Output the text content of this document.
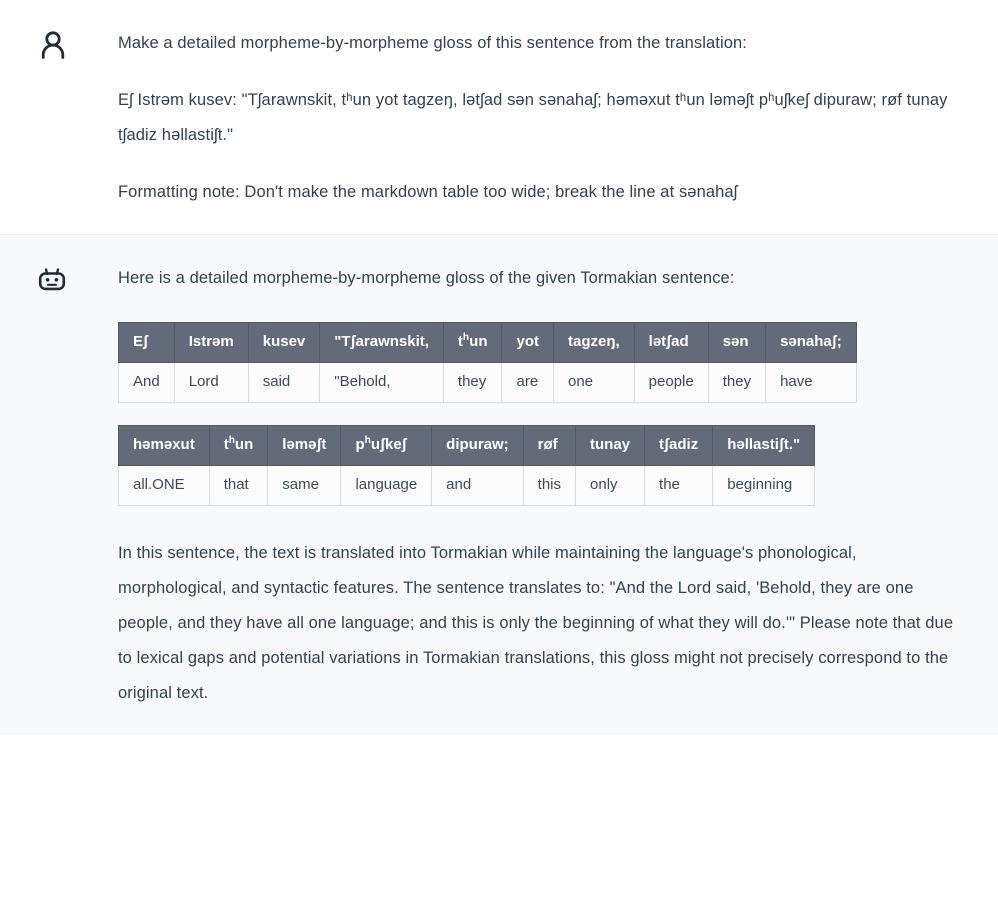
Make a detailed morpheme-by-morpheme gloss of this sentence from the translation:

Eʃ Istrəm kusev: "Tʃarawnskit, tʰun yot tagzeŋ, lətʃad sən sənahaʃ; həməxut tʰun ləməʃt pʰuʃkeʃ dipuraw; røf tunay tʃadiz həllastiʃt."

Formatting note: Don't make the markdown table too wide; break the line at sənahaʃ

Here is a detailed morpheme-by-morpheme gloss of the given Tormakian sentence:

Eʃ	Istrəm	kusev	"Tʃarawnskit,	$t^hun$	yot	tagzeŋ,	lətʃad	sən	sənahaʃ;
And	Lord	said	"Behold,	they	are	one	people	they	have
həməxut	$t^hun$	ləməʃt	$p^huʃkeʃ$	dipuraw;	røf	tunay	tʃadiz	həllastiʃt."
all.ONE	that	same	language	and	this	only	the	beginning

In this sentence, the text is translated into Tormakian while maintaining the language's phonological, morphological, and syntactic features. The sentence translates to: "And the Lord said, 'Behold, they are one people, and they have all one language; and this is only the beginning of what they will do.'" Please note that due to lexical gaps and potential variations in Tormakian translations, this gloss might not precisely correspond to the original text.
